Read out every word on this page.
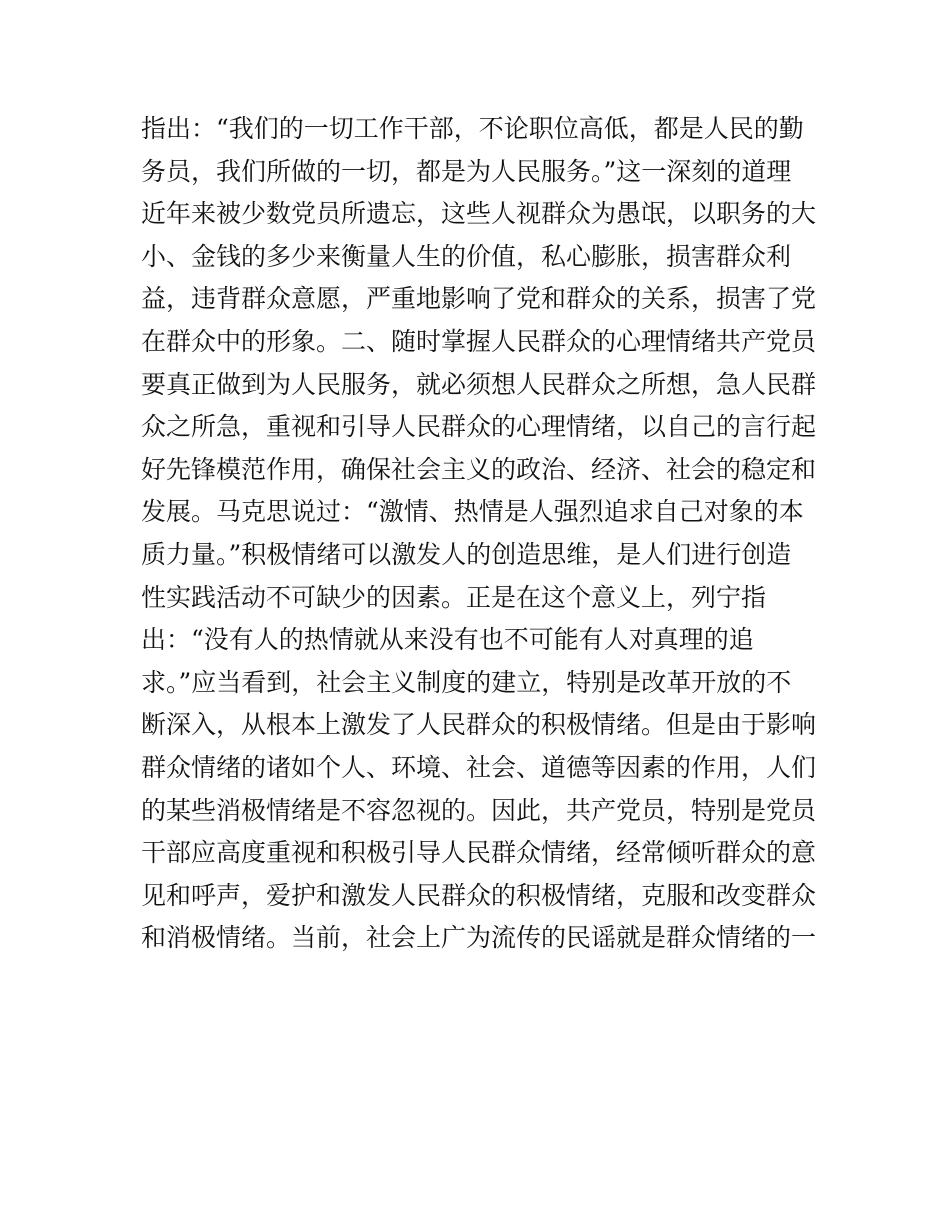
指出：“我们的一切工作干部，不论职位高低，都是人民的勤
务员，我们所做的一切，都是为人民服务。”这一深刻的道理
近年来被少数党员所遗忘，这些人视群众为愚氓，以职务的大
小、金钱的多少来衡量人生的价值，私心膨胀，损害群众利
益，违背群众意愿，严重地影响了党和群众的关系，损害了党
在群众中的形象。二、随时掌握人民群众的心理情绪共产党员
要真正做到为人民服务，就必须想人民群众之所想，急人民群
众之所急，重视和引导人民群众的心理情绪，以自己的言行起
好先锋模范作用，确保社会主义的政治、经济、社会的稳定和
发展。马克思说过：“激情、热情是人强烈追求自己对象的本
质力量。”积极情绪可以激发人的创造思维，是人们进行创造
性实践活动不可缺少的因素。正是在这个意义上，列宁指
出：“没有人的热情就从来没有也不可能有人对真理的追
求。”应当看到，社会主义制度的建立，特别是改革开放的不
断深入，从根本上激发了人民群众的积极情绪。但是由于影响
群众情绪的诸如个人、环境、社会、道德等因素的作用，人们
的某些消极情绪是不容忽视的。因此，共产党员，特别是党员
干部应高度重视和积极引导人民群众情绪，经常倾听群众的意
见和呼声，爱护和激发人民群众的积极情绪，克服和改变群众
和消极情绪。当前，社会上广为流传的民谣就是群众情绪的一
